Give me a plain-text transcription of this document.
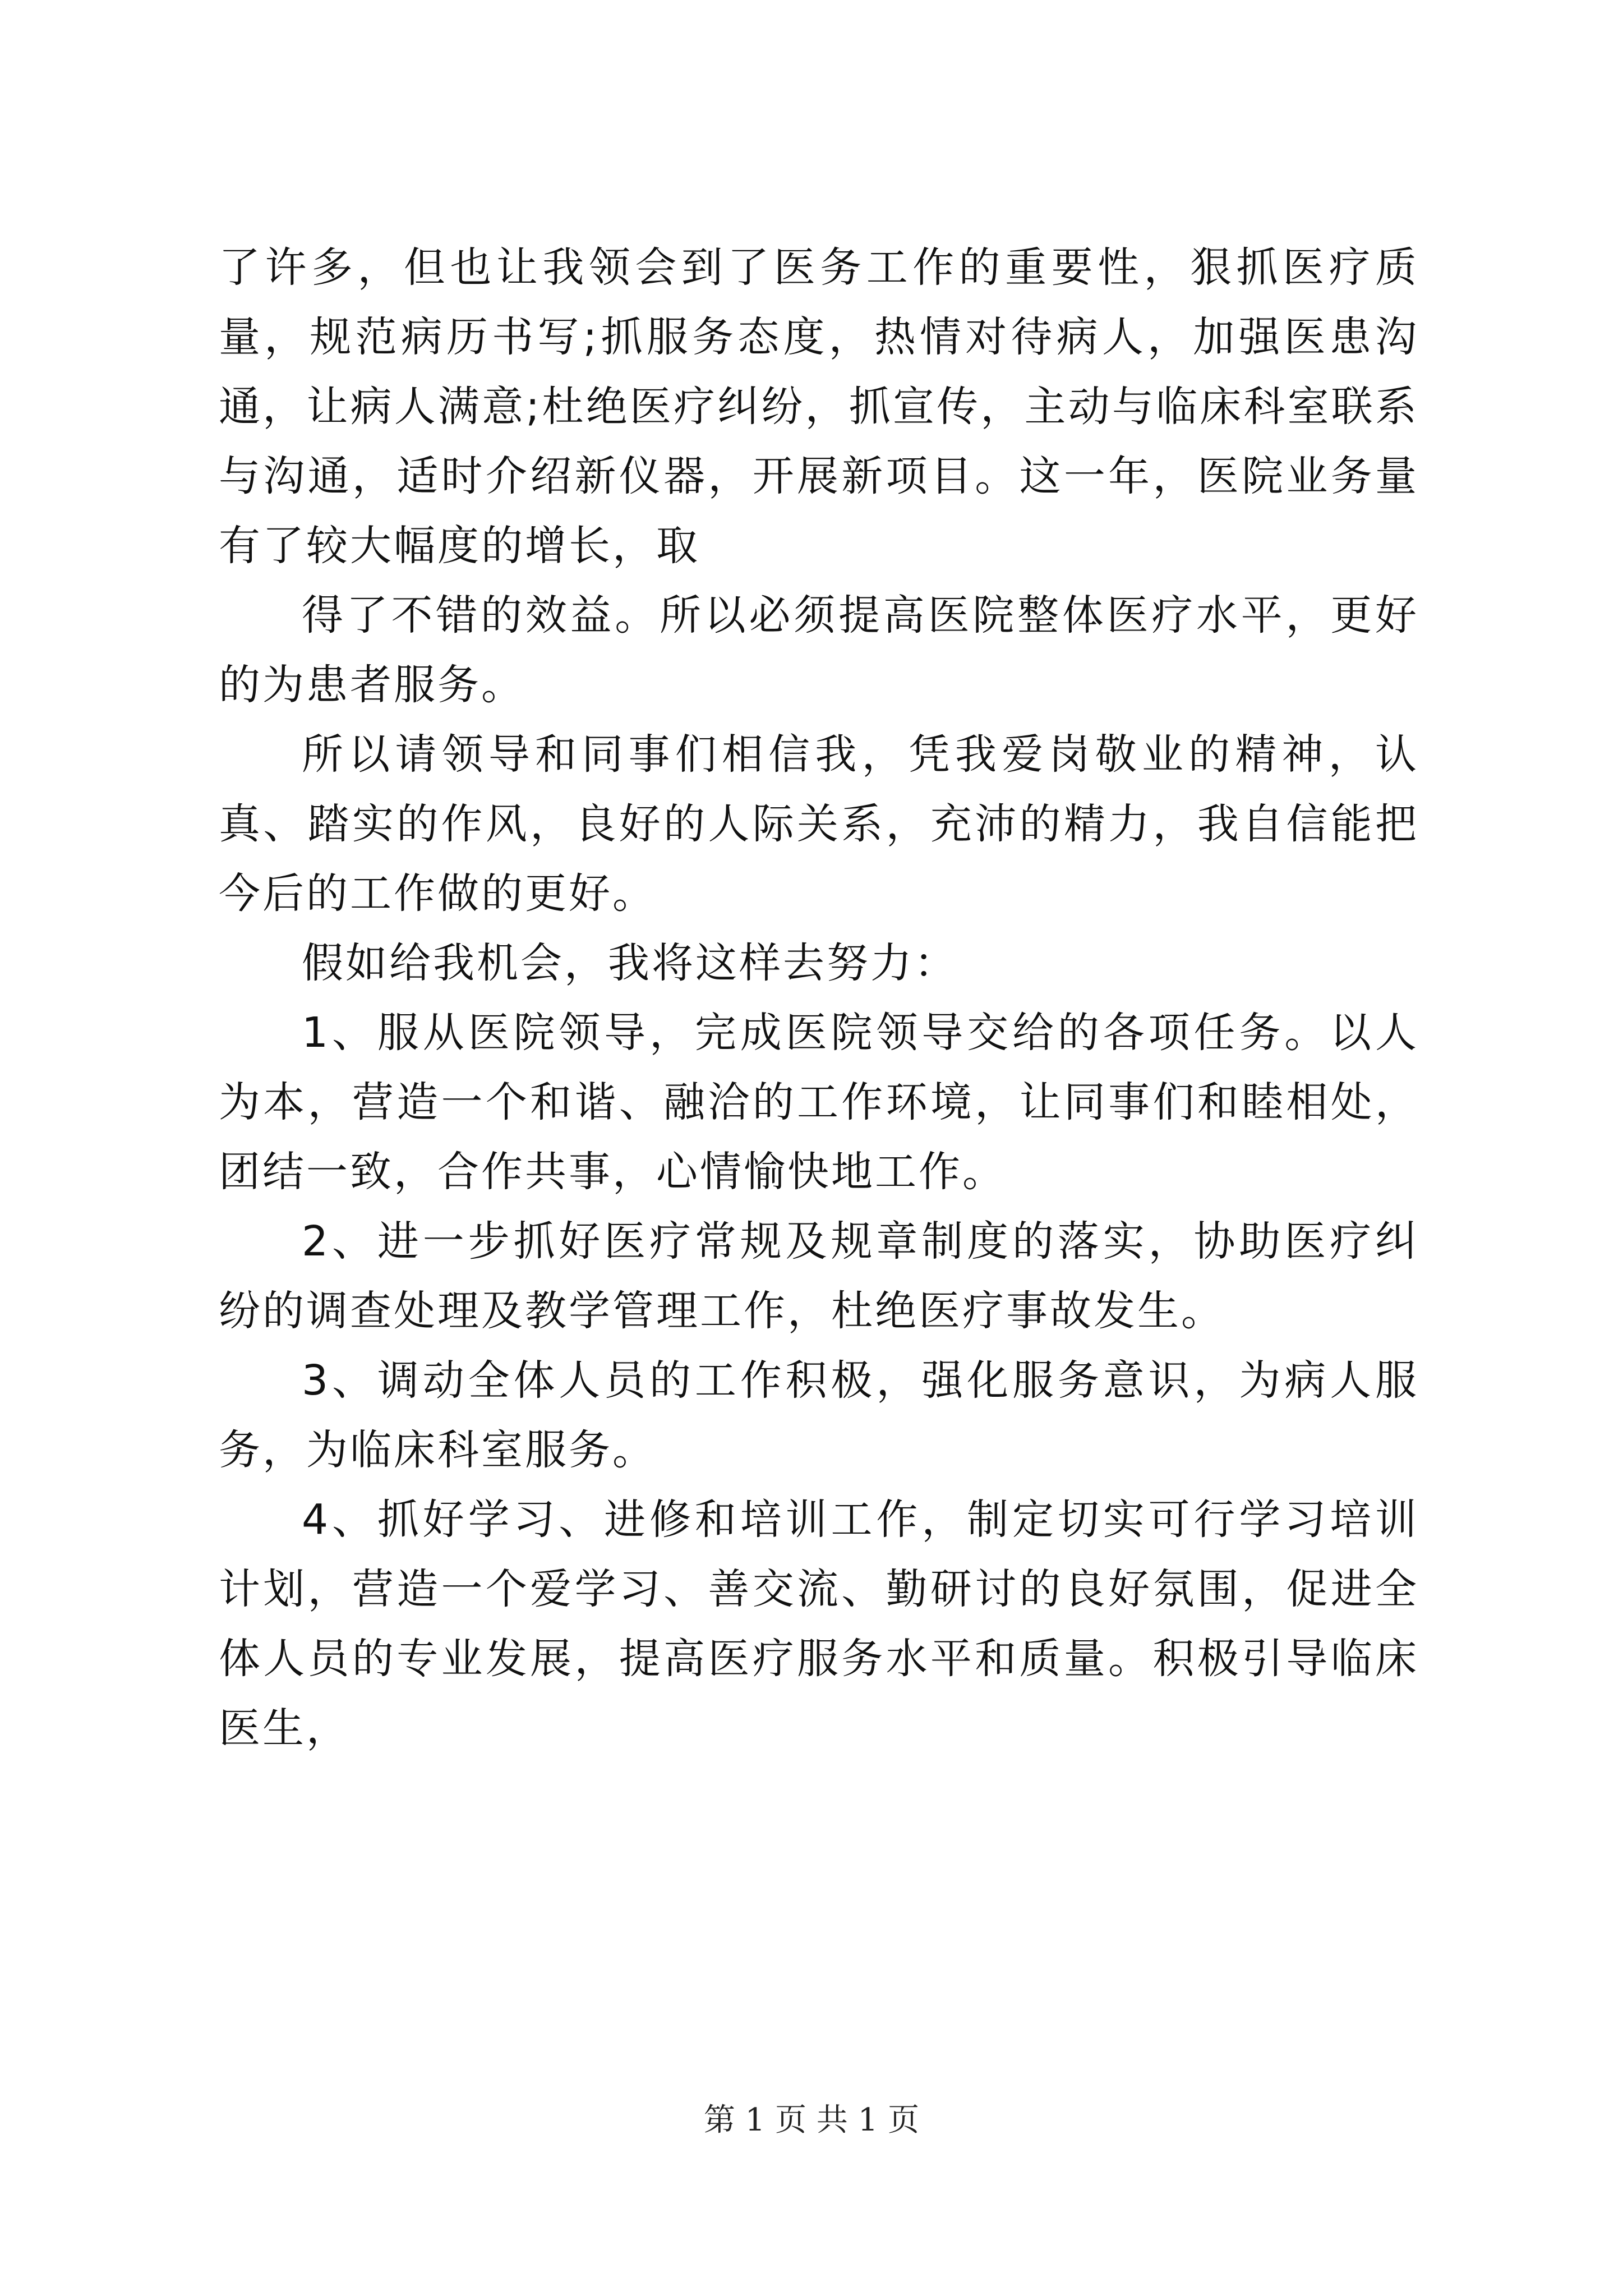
了许多，但也让我领会到了医务工作的重要性，狠抓医疗质量，规范病历书写;抓服务态度，热情对待病人，加强医患沟通，让病人满意;杜绝医疗纠纷，抓宣传，主动与临床科室联系与沟通，适时介绍新仪器，开展新项目。这一年，医院业务量有了较大幅度的增长，取

得了不错的效益。所以必须提高医院整体医疗水平，更好的为患者服务。

所以请领导和同事们相信我，凭我爱岗敬业的精神，认真、踏实的作风，良好的人际关系，充沛的精力，我自信能把今后的工作做的更好。

假如给我机会，我将这样去努力：

1、服从医院领导，完成医院领导交给的各项任务。以人为本，营造一个和谐、融洽的工作环境，让同事们和睦相处，团结一致，合作共事，心情愉快地工作。

2、进一步抓好医疗常规及规章制度的落实，协助医疗纠纷的调查处理及教学管理工作，杜绝医疗事故发生。

3、调动全体人员的工作积极，强化服务意识，为病人服务，为临床科室服务。

4、抓好学习、进修和培训工作，制定切实可行学习培训计划，营造一个爱学习、善交流、勤研讨的良好氛围，促进全体人员的专业发展，提高医疗服务水平和质量。积极引导临床医生，

第 1 页 共 1 页
